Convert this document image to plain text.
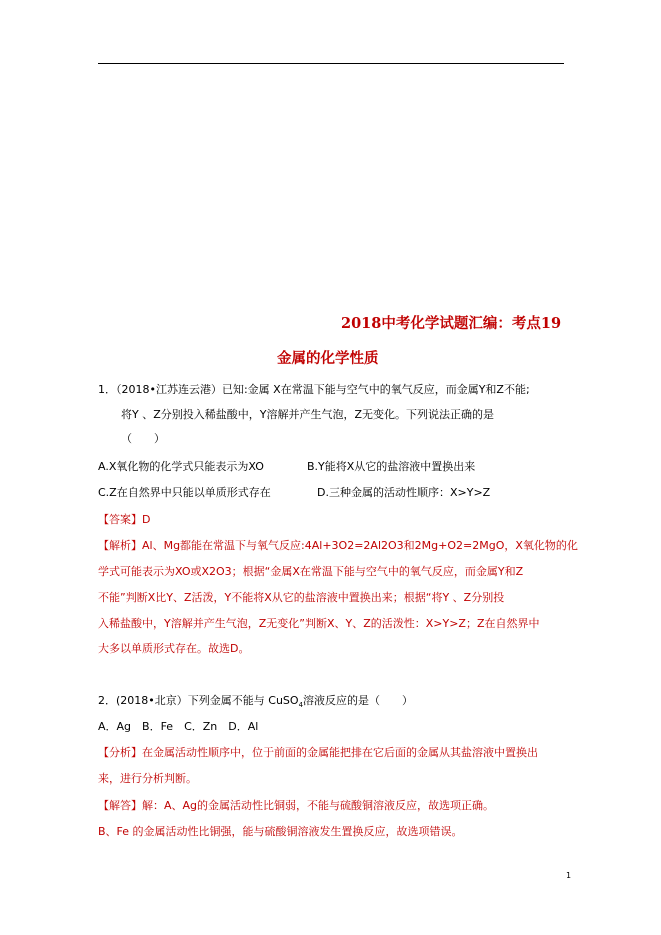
2018中考化学试题汇编：考点19
金属的化学性质
1．（2018•江苏连云港）已知:金属 X在常温下能与空气中的氧气反应，而金属Y和Z不能;
将Y 、Z分别投入稀盐酸中，Y溶解并产生气泡，Z无变化。下列说法正确的是
（　　）
A.X氧化物的化学式只能表示为XO	B.Y能将X从它的盐溶液中置换出来
C.Z在自然界中只能以单质形式存在	D.三种金属的活动性顺序：X>Y>Z
【答案】D
【解析】Al、Mg都能在常温下与氧气反应:4Al+3O2=2Al2O3和2Mg+O2=2MgO，X氧化物的化
学式可能表示为XO或X2O3；根据“金属X在常温下能与空气中的氧气反应，而金属Y和Z
不能”判断X比Y、Z活泼，Y不能将X从它的盐溶液中置换出来；根据“将Y 、Z分别投
入稀盐酸中，Y溶解并产生气泡，Z无变化”判断X、Y、Z的活泼性：X>Y>Z；Z在自然界中
大多以单质形式存在。故选D。
2．(2018•北京）下列金属不能与 CuSO$_4$溶液反应的是（　　）
A．Ag　B．Fe　C．Zn　D．Al
【分析】在金属活动性顺序中，位于前面的金属能把排在它后面的金属从其盐溶液中置换出
来，进行分析判断。
【解答】解：A、Ag的金属活动性比铜弱，不能与硫酸铜溶液反应，故选项正确。
B、Fe 的金属活动性比铜强，能与硫酸铜溶液发生置换反应，故选项错误。
1
